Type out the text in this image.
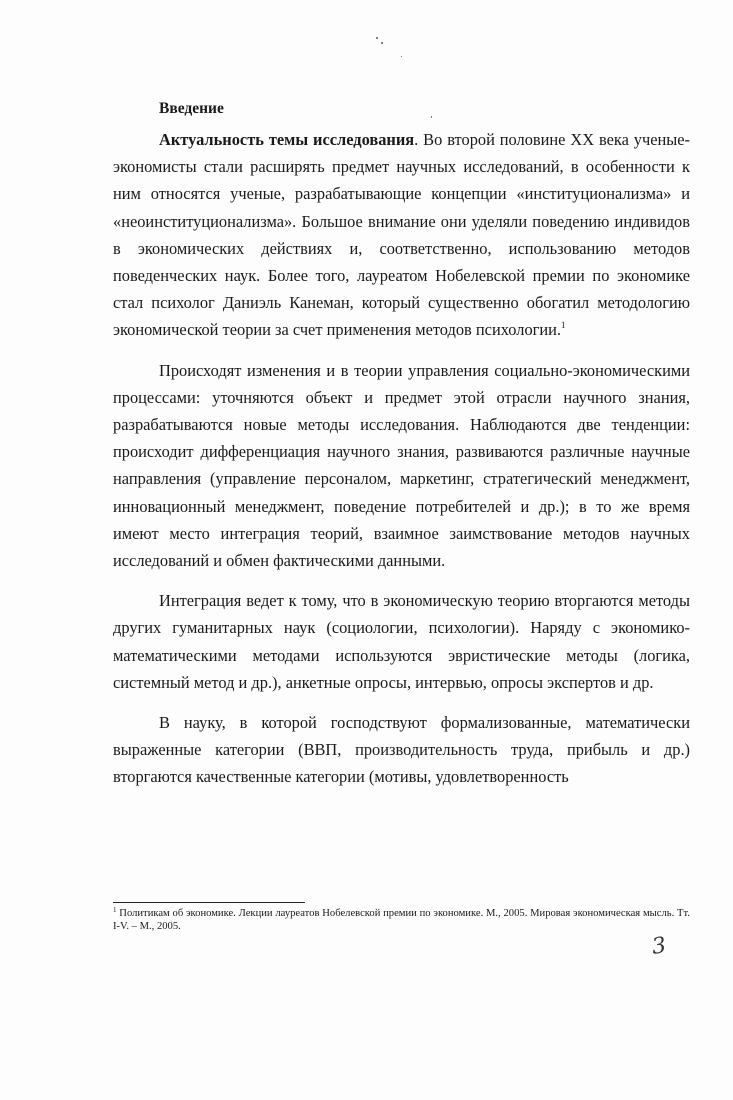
Введение

Актуальность темы исследования. Во второй половине XX века ученые-экономисты стали расширять предмет научных исследований, в особенности к ним относятся ученые, разрабатывающие концепции «институционализма» и «неоинституционализма». Большое внимание они уделяли поведению индивидов в экономических действиях и, соответственно, использованию методов поведенческих наук. Более того, лауреатом Нобелевской премии по экономике стал психолог Даниэль Канеман, который существенно обогатил методологию экономической теории за счет применения методов психологии.$^1$

Происходят изменения и в теории управления социально-экономическими процессами: уточняются объект и предмет этой отрасли научного знания, разрабатываются новые методы исследования. Наблюдаются две тенденции: происходит дифференциация научного знания, развиваются различные научные направления (управление персоналом, маркетинг, стратегический менеджмент, инновационный менеджмент, поведение потребителей и др.); в то же время имеют место интеграция теорий, взаимное заимствование методов научных исследований и обмен фактическими данными.

Интеграция ведет к тому, что в экономическую теорию вторгаются методы других гуманитарных наук (социологии, психологии). Наряду с экономико-математическими методами используются эвристические методы (логика, системный метод и др.), анкетные опросы, интервью, опросы экспертов и др.

В науку, в которой господствуют формализованные, математически выраженные категории (ВВП, производительность труда, прибыль и др.) вторгаются качественные категории (мотивы, удовлетворенность

$^1$ Политикам об экономике. Лекции лауреатов Нобелевской премии по экономике. М., 2005. Мировая экономическая мысль. Тт. I-V. – М., 2005.
3
